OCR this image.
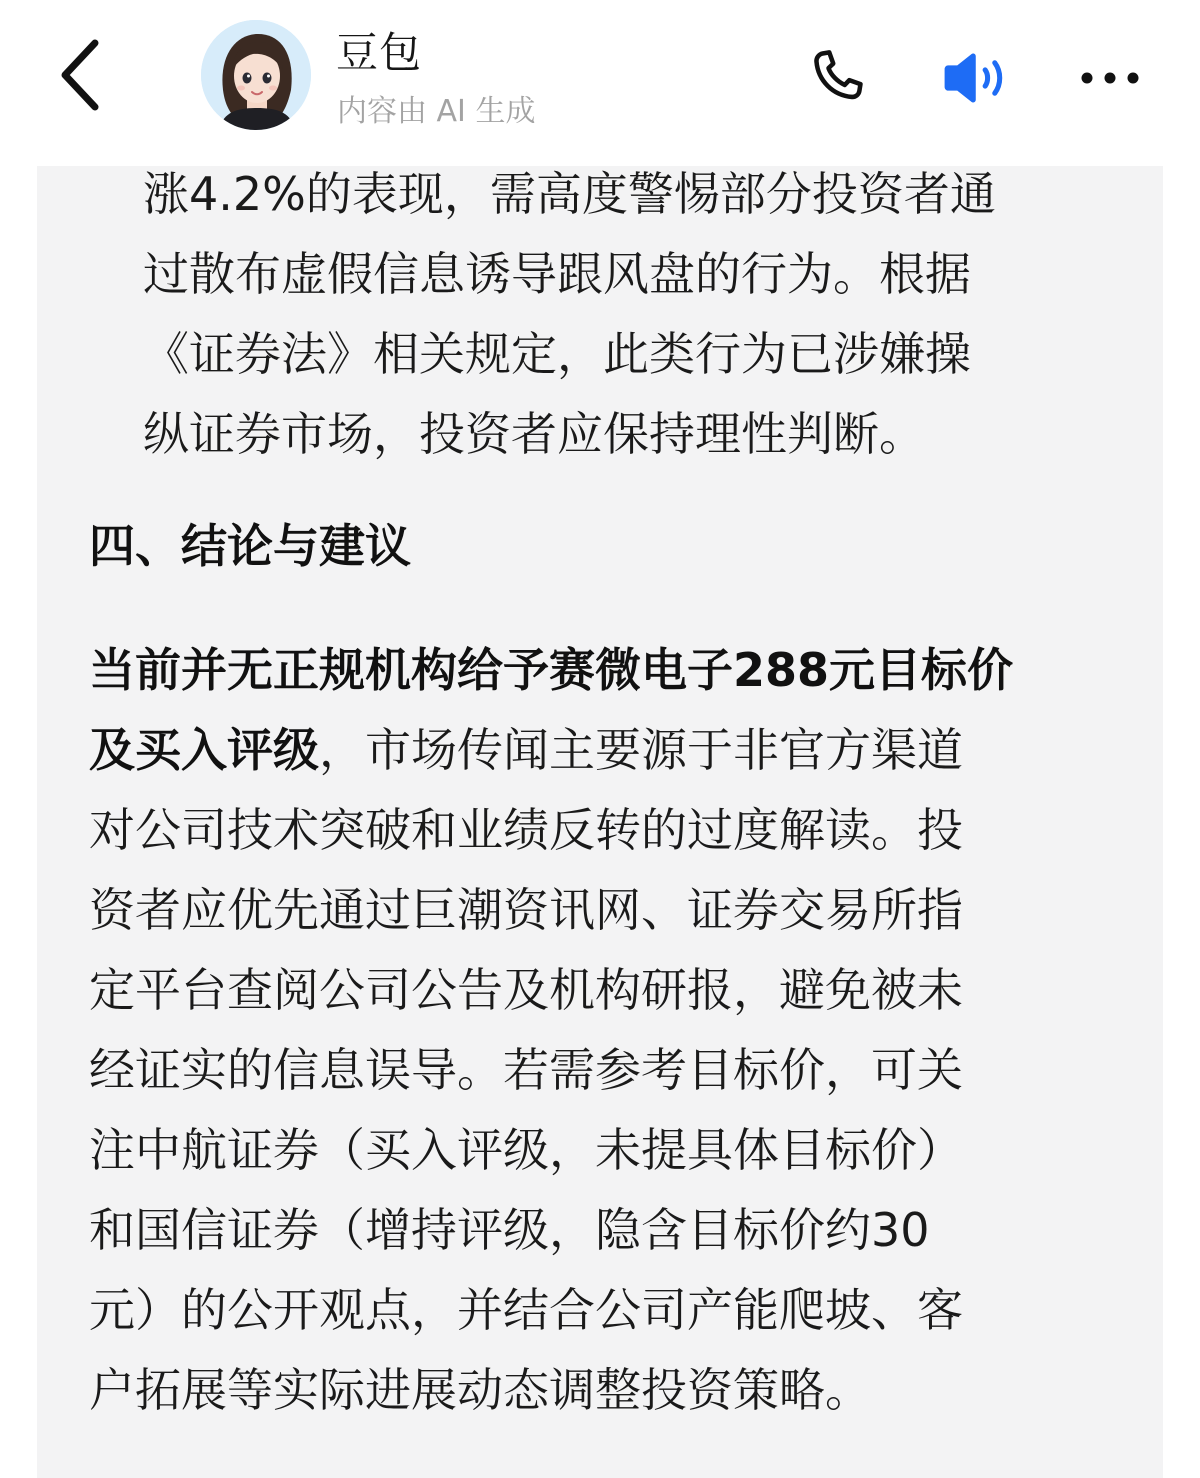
豆包
内容由 AI 生成

涨4.2%的表现，需高度警惕部分投资者通

过散布虚假信息诱导跟风盘的行为。根据

《证券法》相关规定，此类行为已涉嫌操

纵证券市场，投资者应保持理性判断。

四、结论与建议

当前并无正规机构给予赛微电子288元目标价

及买入评级，市场传闻主要源于非官方渠道

对公司技术突破和业绩反转的过度解读。投

资者应优先通过巨潮资讯网、证券交易所指

定平台查阅公司公告及机构研报，避免被未

经证实的信息误导。若需参考目标价，可关

注中航证券（买入评级，未提具体目标价）

和国信证券（增持评级，隐含目标价约30

元）的公开观点，并结合公司产能爬坡、客

户拓展等实际进展动态调整投资策略。
